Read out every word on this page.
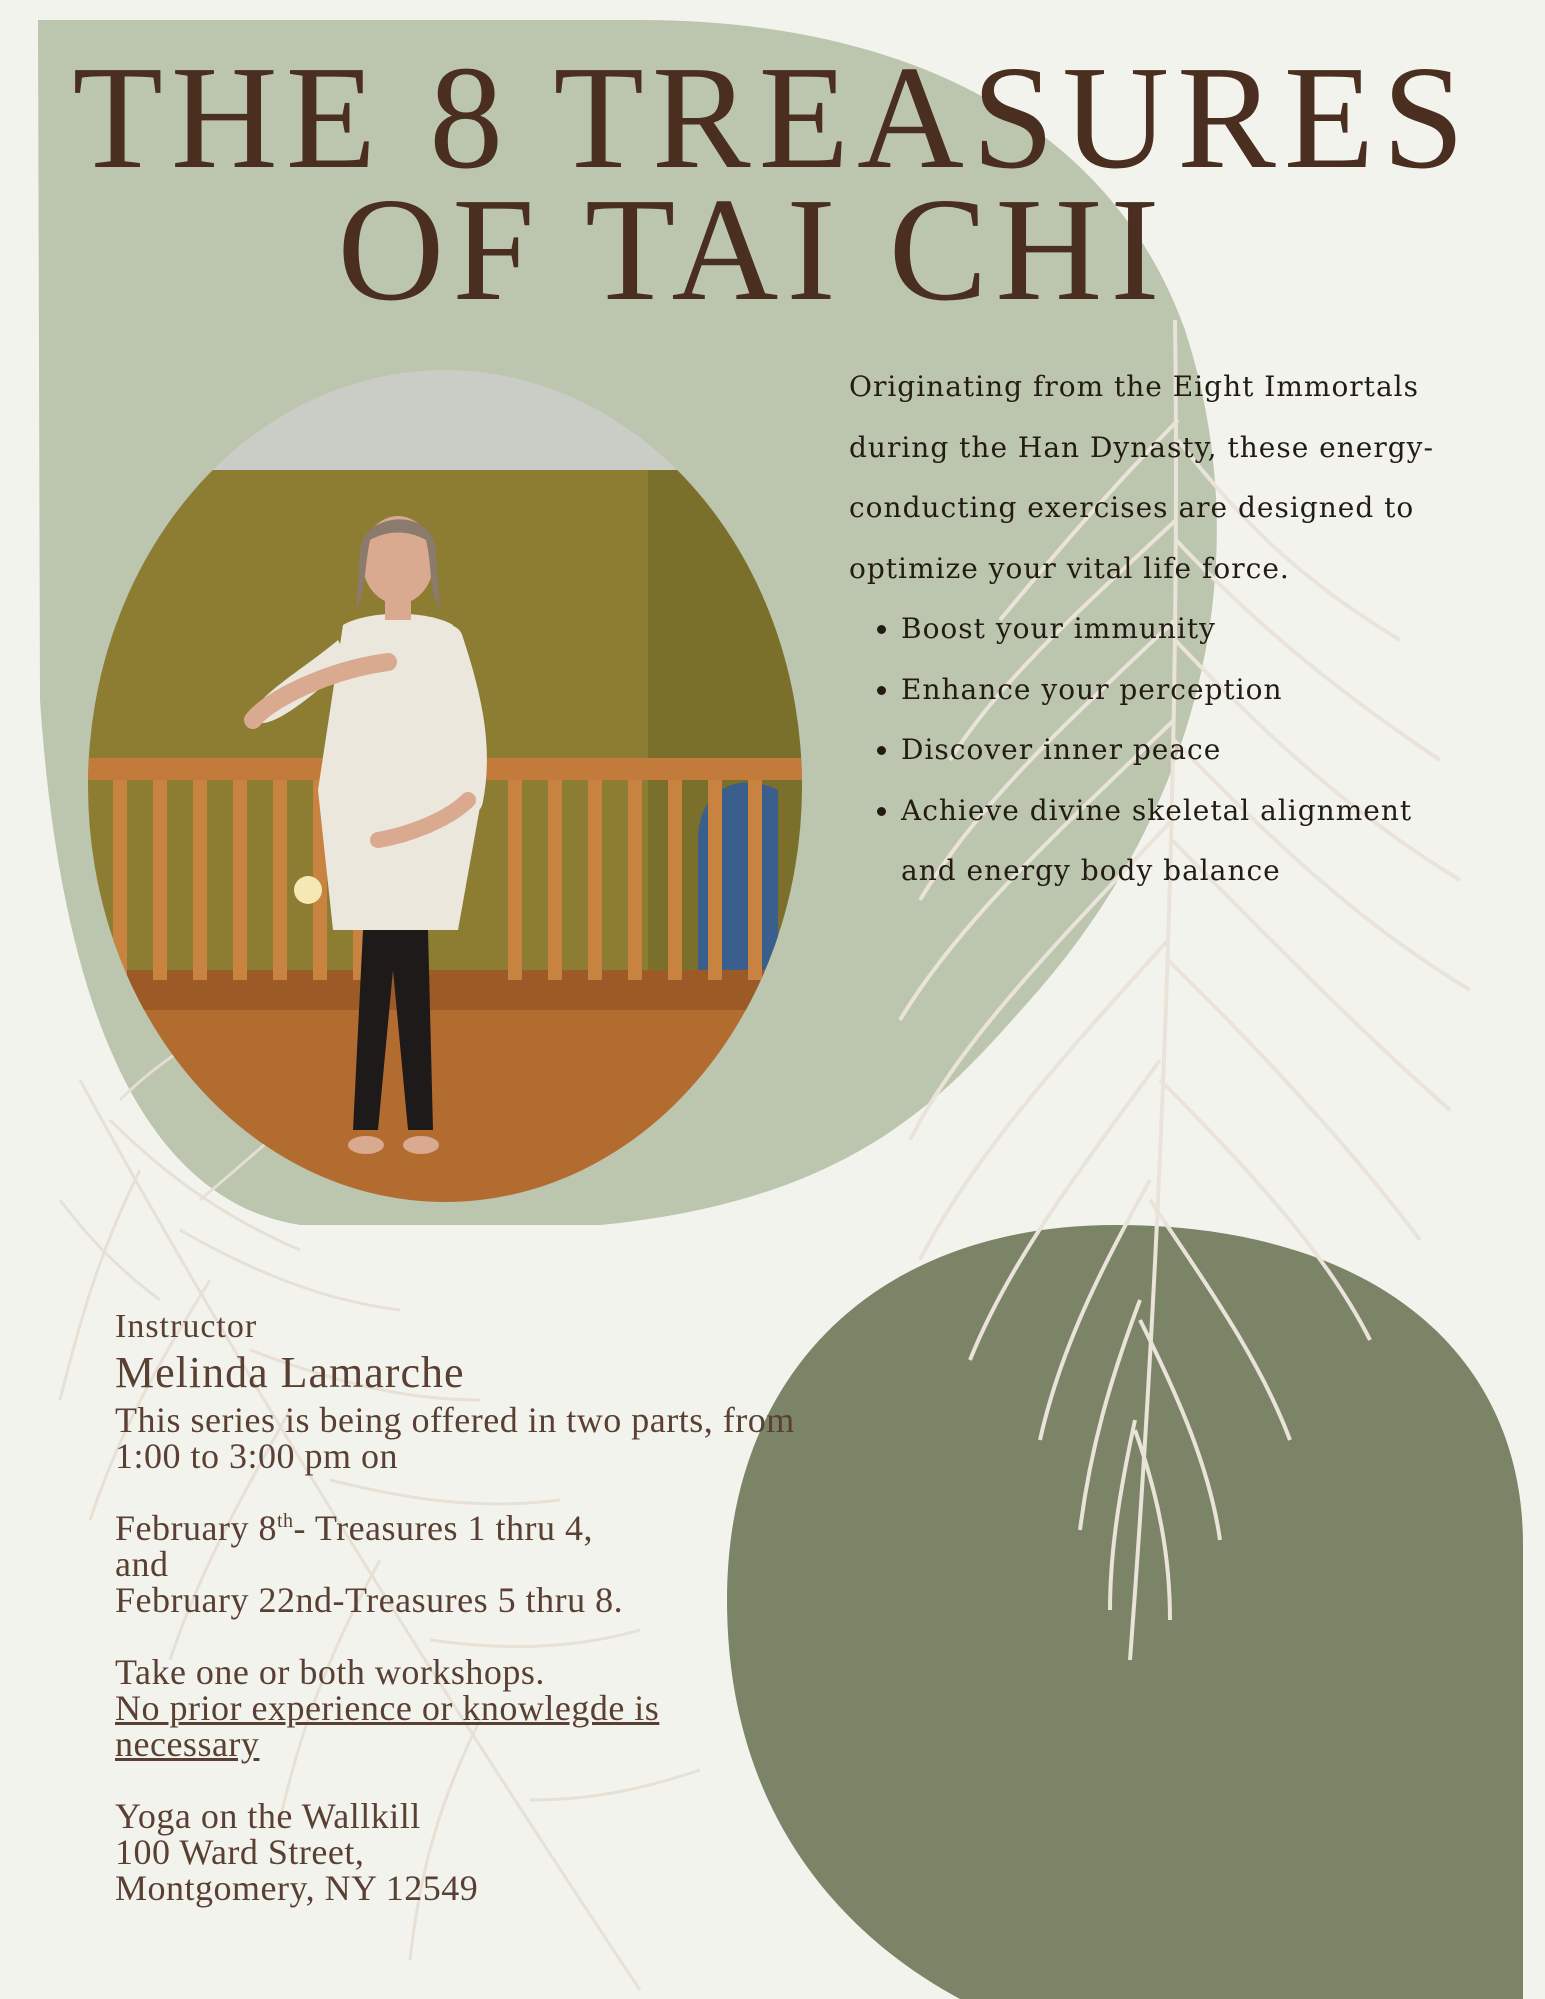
THE 8 TREASURES
OF TAI CHI

Originating from the Eight Immortals during the Han Dynasty, these energy-conducting exercises are designed to optimize your vital life force.

• Boost your immunity
• Enhance your perception
• Discover inner peace
• Achieve divine skeletal alignment and energy body balance
Instructor
Melinda Lamarche

This series is being offered in two parts, from 1:00 to 3:00 pm on

February 8th- Treasures 1 thru 4,

and

February 22nd-Treasures 5 thru 8.

Take one or both workshops.

No prior experience or knowlegde is necessary

Yoga on the Wallkill

100 Ward Street,

Montgomery, NY 12549
